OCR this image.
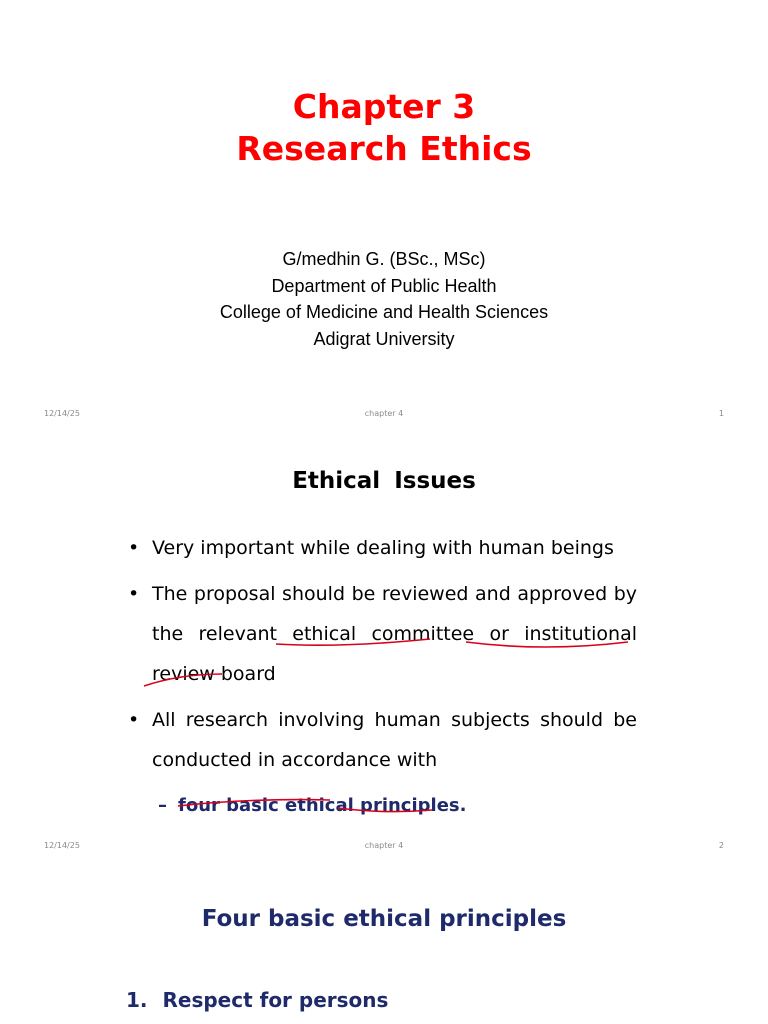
Chapter 3
Research Ethics
G/medhin G. (BSc., MSc)
Department of Public Health
College of Medicine and Health Sciences
Adigrat University
12/14/25	chapter 4	1
Ethical Issues
• Very important while dealing with human beings
• The proposal should be reviewed and approved by the relevant ethical committee or institutional review board
• All research involving human subjects should be conducted in accordance with
– four basic ethical principles.
12/14/25	chapter 4	2
Four basic ethical principles
1. Respect for persons
